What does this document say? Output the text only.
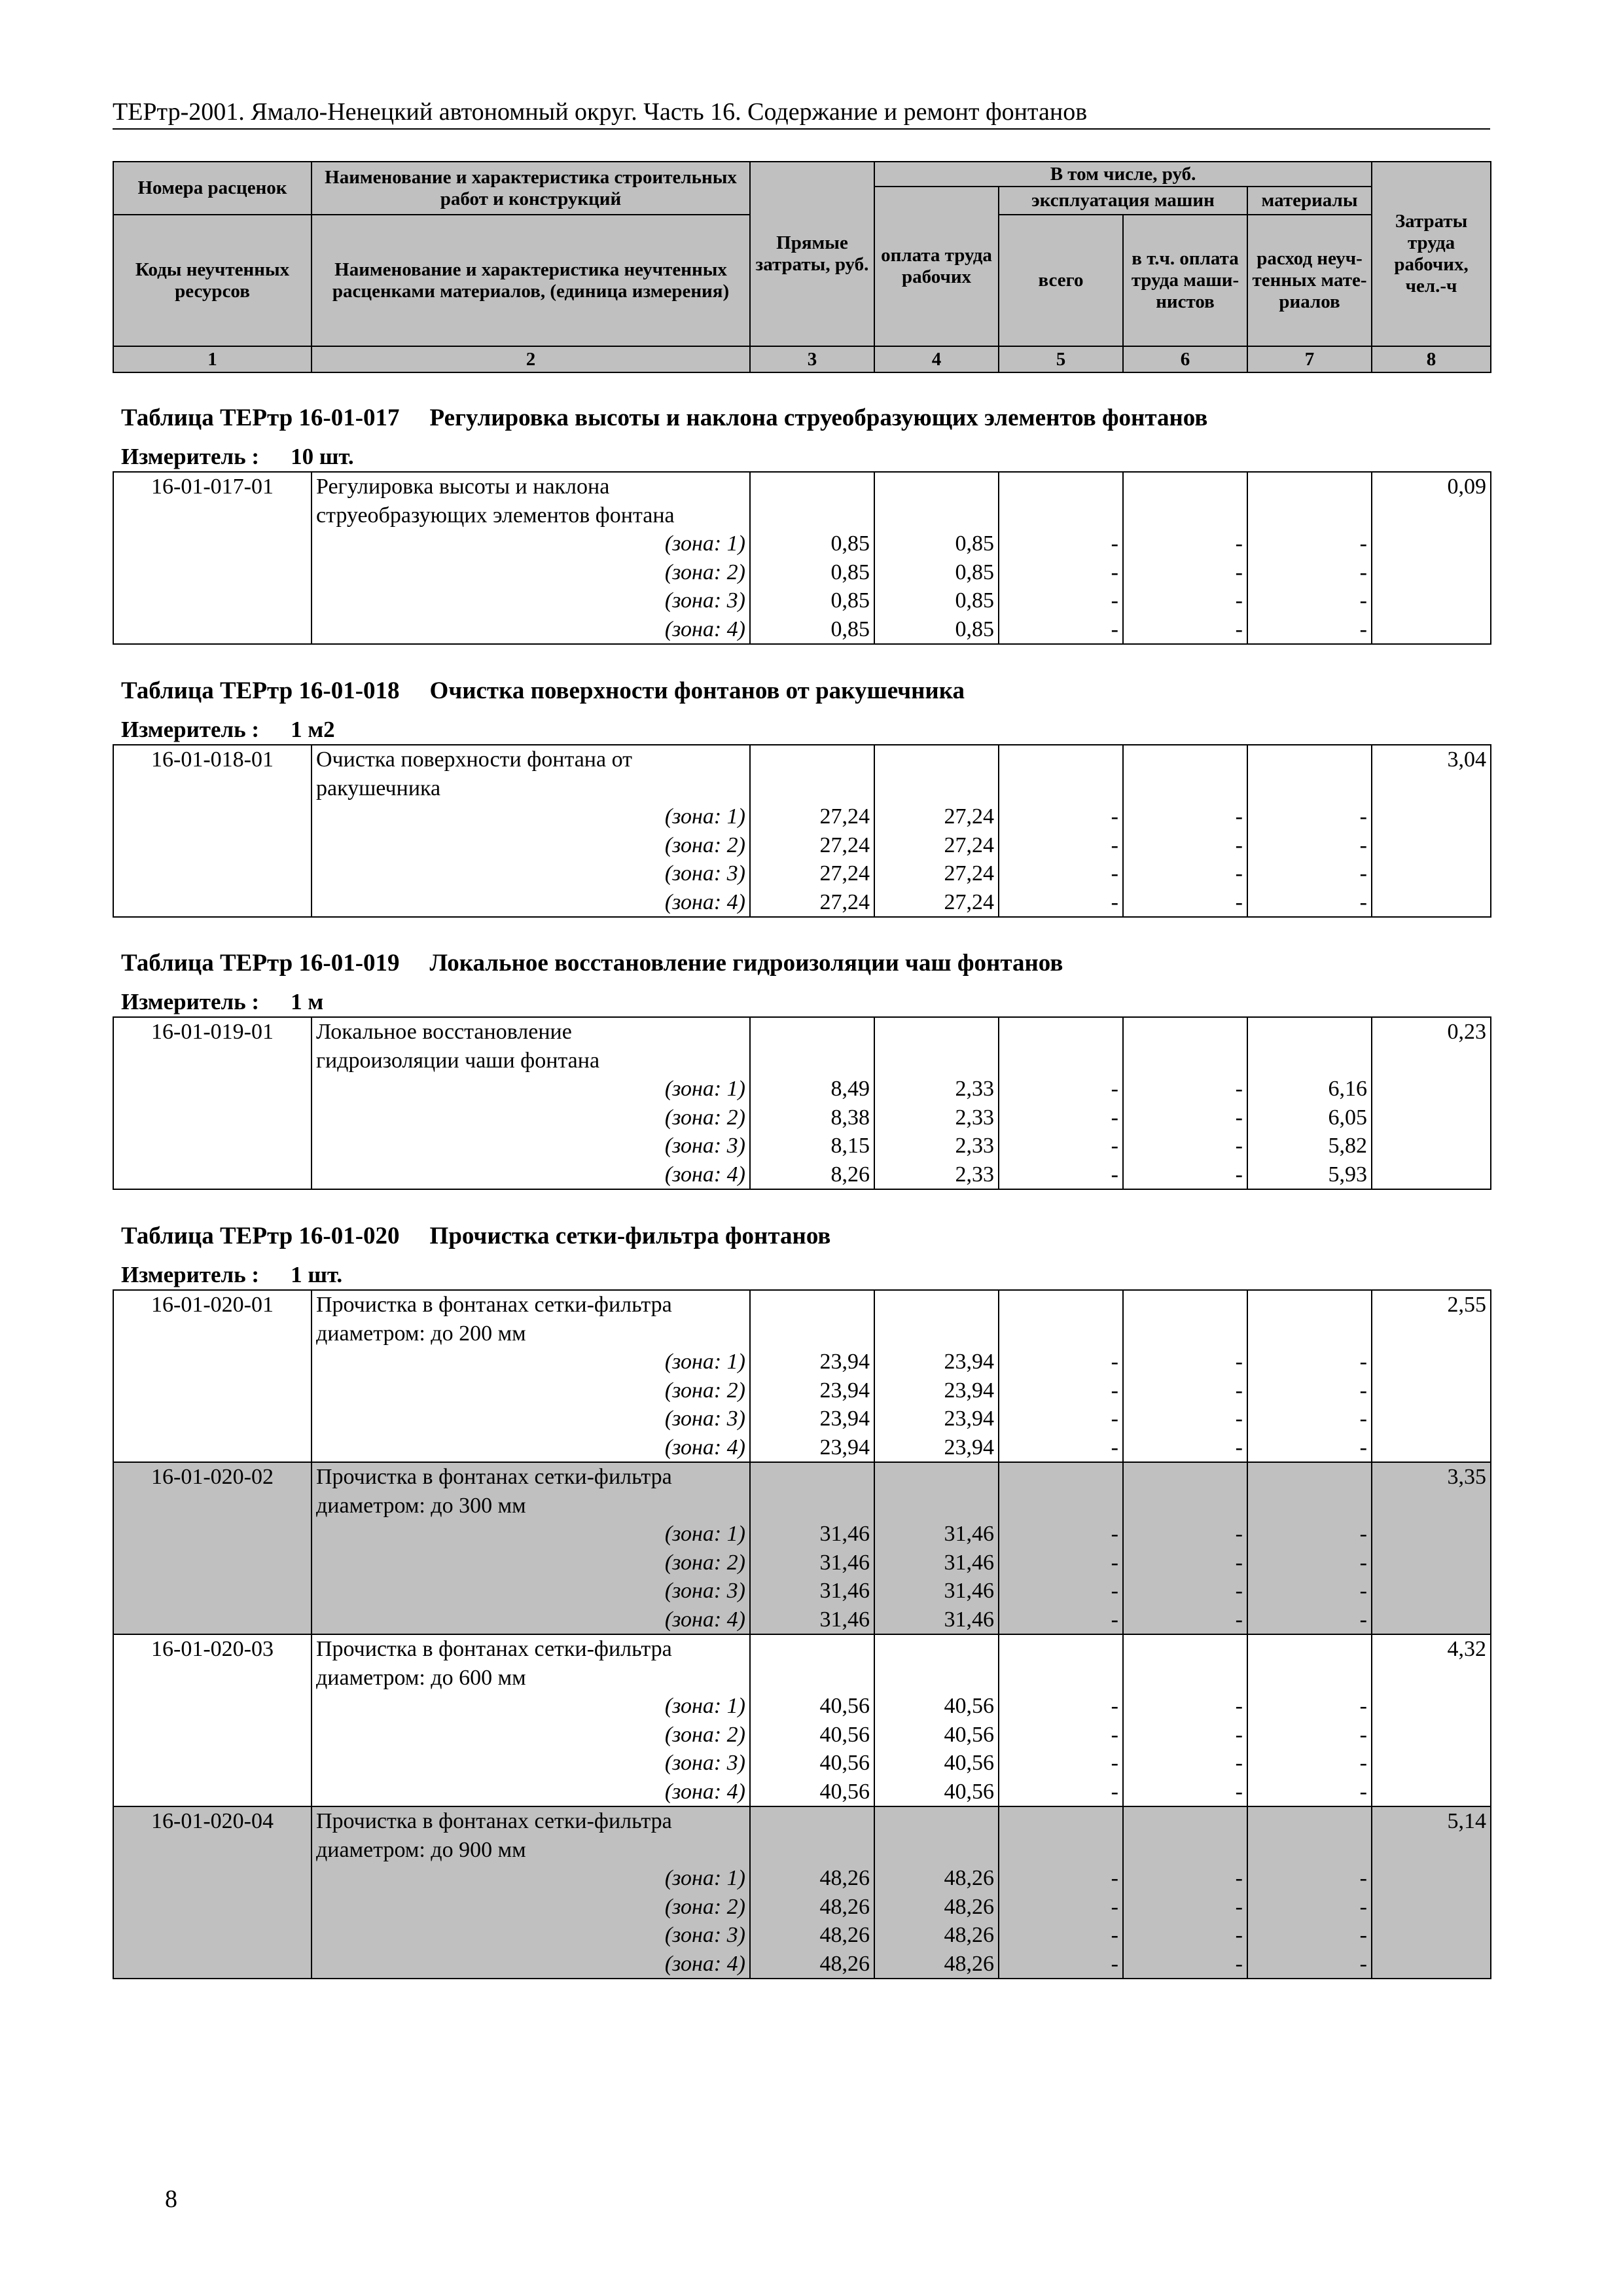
ТЕРтр-2001. Ямало-Ненецкий автономный округ. Часть 16. Содержание и ремонт фонтанов
Номера расценок	Наименование и характеристика строительных работ и конструкций	Прямые затраты, руб.	В том числе, руб.				Затраты труда рабочих, чел.-ч
			оплата труда рабочих	эксплуатация машин		материалы	
Коды неучтенных ресурсов	Наименование и характеристика неучтенных расценками материалов, (единица измерения)			всего	в т.ч. оплата труда маши-нистов	расход неуч-тенных мате-риалов	

1	2	3	4	5	6	7	8
Таблица ТЕРтр 16-01-017 Регулировка высоты и наклона струеобразующих элементов фонтанов
Измеритель : 10 шт.
16-01-017-01	Регулировка высоты и наклона						0,09
	струеобразующих элементов фонтана						
	(зона: 1)	0,85	0,85	-	-	-	
	(зона: 2)	0,85	0,85	-	-	-	
	(зона: 3)	0,85	0,85	-	-	-	
	(зона: 4)	0,85	0,85	-	-	-	
Таблица ТЕРтр 16-01-018 Очистка поверхности фонтанов от ракушечника
Измеритель : 1 м2
16-01-018-01	Очистка поверхности фонтана от						3,04
	ракушечника						
	(зона: 1)	27,24	27,24	-	-	-	
	(зона: 2)	27,24	27,24	-	-	-	
	(зона: 3)	27,24	27,24	-	-	-	
	(зона: 4)	27,24	27,24	-	-	-	
Таблица ТЕРтр 16-01-019 Локальное восстановление гидроизоляции чаш фонтанов
Измеритель : 1 м
16-01-019-01	Локальное восстановление						0,23
	гидроизоляции чаши фонтана						
	(зона: 1)	8,49	2,33	-	-	6,16	
	(зона: 2)	8,38	2,33	-	-	6,05	
	(зона: 3)	8,15	2,33	-	-	5,82	
	(зона: 4)	8,26	2,33	-	-	5,93	
Таблица ТЕРтр 16-01-020 Прочистка сетки-фильтра фонтанов
Измеритель : 1 шт.
16-01-020-01	Прочистка в фонтанах сетки-фильтра						2,55
	диаметром: до 200 мм						
	(зона: 1)	23,94	23,94	-	-	-	
	(зона: 2)	23,94	23,94	-	-	-	
	(зона: 3)	23,94	23,94	-	-	-	
	(зона: 4)	23,94	23,94	-	-	-	
16-01-020-02	Прочистка в фонтанах сетки-фильтра						3,35
	диаметром: до 300 мм						
	(зона: 1)	31,46	31,46	-	-	-	
	(зона: 2)	31,46	31,46	-	-	-	
	(зона: 3)	31,46	31,46	-	-	-	
	(зона: 4)	31,46	31,46	-	-	-	
16-01-020-03	Прочистка в фонтанах сетки-фильтра						4,32
	диаметром: до 600 мм						
	(зона: 1)	40,56	40,56	-	-	-	
	(зона: 2)	40,56	40,56	-	-	-	
	(зона: 3)	40,56	40,56	-	-	-	
	(зона: 4)	40,56	40,56	-	-	-	
16-01-020-04	Прочистка в фонтанах сетки-фильтра						5,14
	диаметром: до 900 мм						
	(зона: 1)	48,26	48,26	-	-	-	
	(зона: 2)	48,26	48,26	-	-	-	
	(зона: 3)	48,26	48,26	-	-	-	
	(зона: 4)	48,26	48,26	-	-	-	
8
